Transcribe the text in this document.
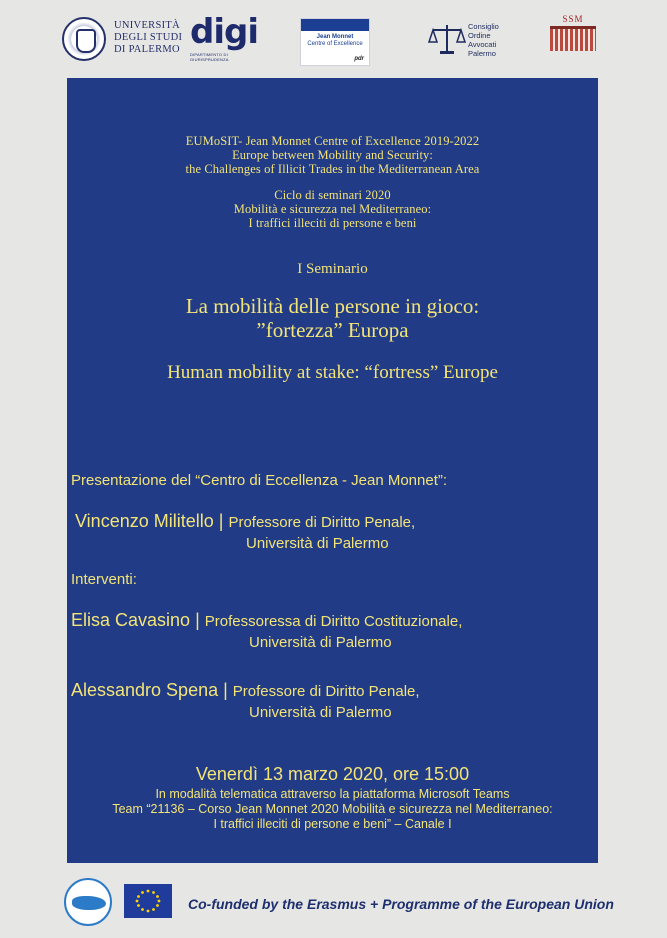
UNIVERSITÀ
DEGLI STUDI
DI PALERMO digi
DIPARTIMENTO DI GIURISPRUDENZA
Jean Monnet
Centre of Excellence
pdr
Consiglio
Ordine
Avvocati
Palermo
SSM
EUMoSIT- Jean Monnet Centre of Excellence 2019-2022
Europe between Mobility and Security:
the Challenges of Illicit Trades in the Mediterranean Area
Ciclo di seminari 2020
Mobilità e sicurezza nel Mediterraneo:
I traffici illeciti di persone e beni
I Seminario
La mobilità delle persone in gioco:
”fortezza” Europa
Human mobility at stake: “fortress” Europe
Presentazione del “Centro di Eccellenza - Jean Monnet”:
Vincenzo Militello | Professore di Diritto Penale,
Università di Palermo
Interventi:
Elisa Cavasino | Professoressa di Diritto Costituzionale,
Università di Palermo
Alessandro Spena | Professore di Diritto Penale,
Università di Palermo
Venerdì 13 marzo 2020, ore 15:00
In modalità telematica attraverso la piattaforma Microsoft Teams
Team “21136 – Corso Jean Monnet 2020 Mobilità e sicurezza nel Mediterraneo:
I traffici illeciti di persone e beni” – Canale I
Co-funded by the Erasmus + Programme of the European Union
